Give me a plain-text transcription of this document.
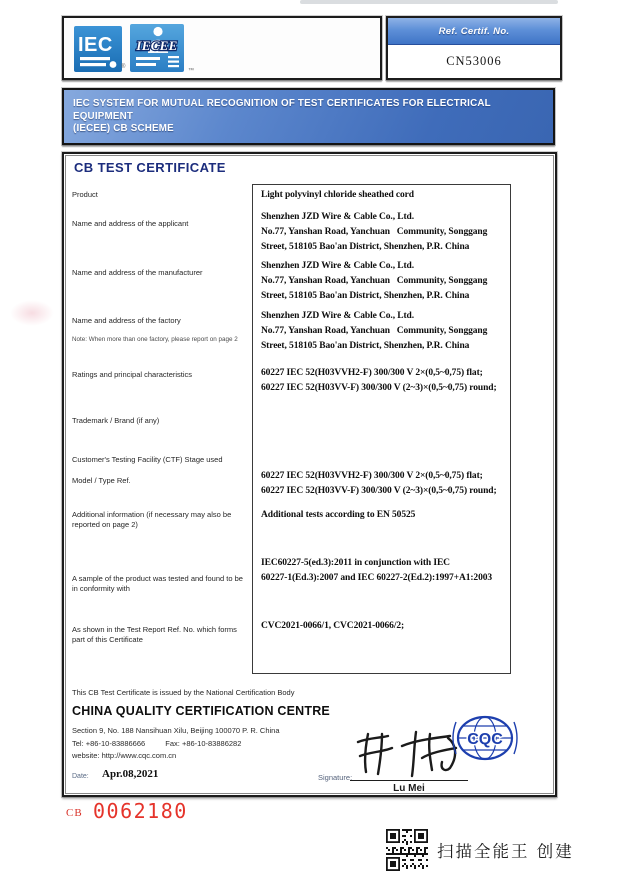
IEC IECEE
®
™
Ref. Certif. No.
CN53006
IEC SYSTEM FOR MUTUAL RECOGNITION OF TEST CERTIFICATES FOR ELECTRICAL EQUIPMENT
(IECEE) CB SCHEME
CB TEST CERTIFICATE
Product
Name and address of the applicant
Name and address of the manufacturer
Name and address of the factory
Note: When more than one factory, please report on page 2
Ratings and principal characteristics
Trademark / Brand (if any)
Customer's Testing Facility (CTF) Stage used
Model / Type Ref.
Additional information (if necessary may also be reported on page 2)
A sample of the product was tested and found to be in conformity with
As shown in the Test Report Ref. No. which forms part of this Certificate
Light polyvinyl chloride sheathed cord
Shenzhen JZD Wire & Cable Co., Ltd.
No.77, Yanshan Road, Yanchuan   Community, Songgang
Street, 518105 Bao'an District, Shenzhen, P.R. China
Shenzhen JZD Wire & Cable Co., Ltd.
No.77, Yanshan Road, Yanchuan   Community, Songgang
Street, 518105 Bao'an District, Shenzhen, P.R. China
Shenzhen JZD Wire & Cable Co., Ltd.
No.77, Yanshan Road, Yanchuan   Community, Songgang
Street, 518105 Bao'an District, Shenzhen, P.R. China
60227 IEC 52(H03VVH2-F) 300/300 V 2×(0,5~0,75) flat;
60227 IEC 52(H03VV-F) 300/300 V (2~3)×(0,5~0,75) round;
60227 IEC 52(H03VVH2-F) 300/300 V 2×(0,5~0,75) flat;
60227 IEC 52(H03VV-F) 300/300 V (2~3)×(0,5~0,75) round;
Additional tests according to EN 50525
IEC60227-5(ed.3):2011 in conjunction with IEC
60227-1(Ed.3):2007 and IEC 60227-2(Ed.2):1997+A1:2003
CVC2021-0066/1, CVC2021-0066/2;
This CB Test Certificate is issued by the National Certification Body
CHINA QUALITY CERTIFICATION CENTRE
Section 9, No. 188 Nansihuan Xilu, Beijing 100070 P. R. China
Tel: +86-10-83886666	Fax: +86-10-83886282
website: http://www.cqc.com.cn
Date: Apr.08,2021	Signature:
Lu Mei
CQC
CB 0062180
扫描全能王 创建
